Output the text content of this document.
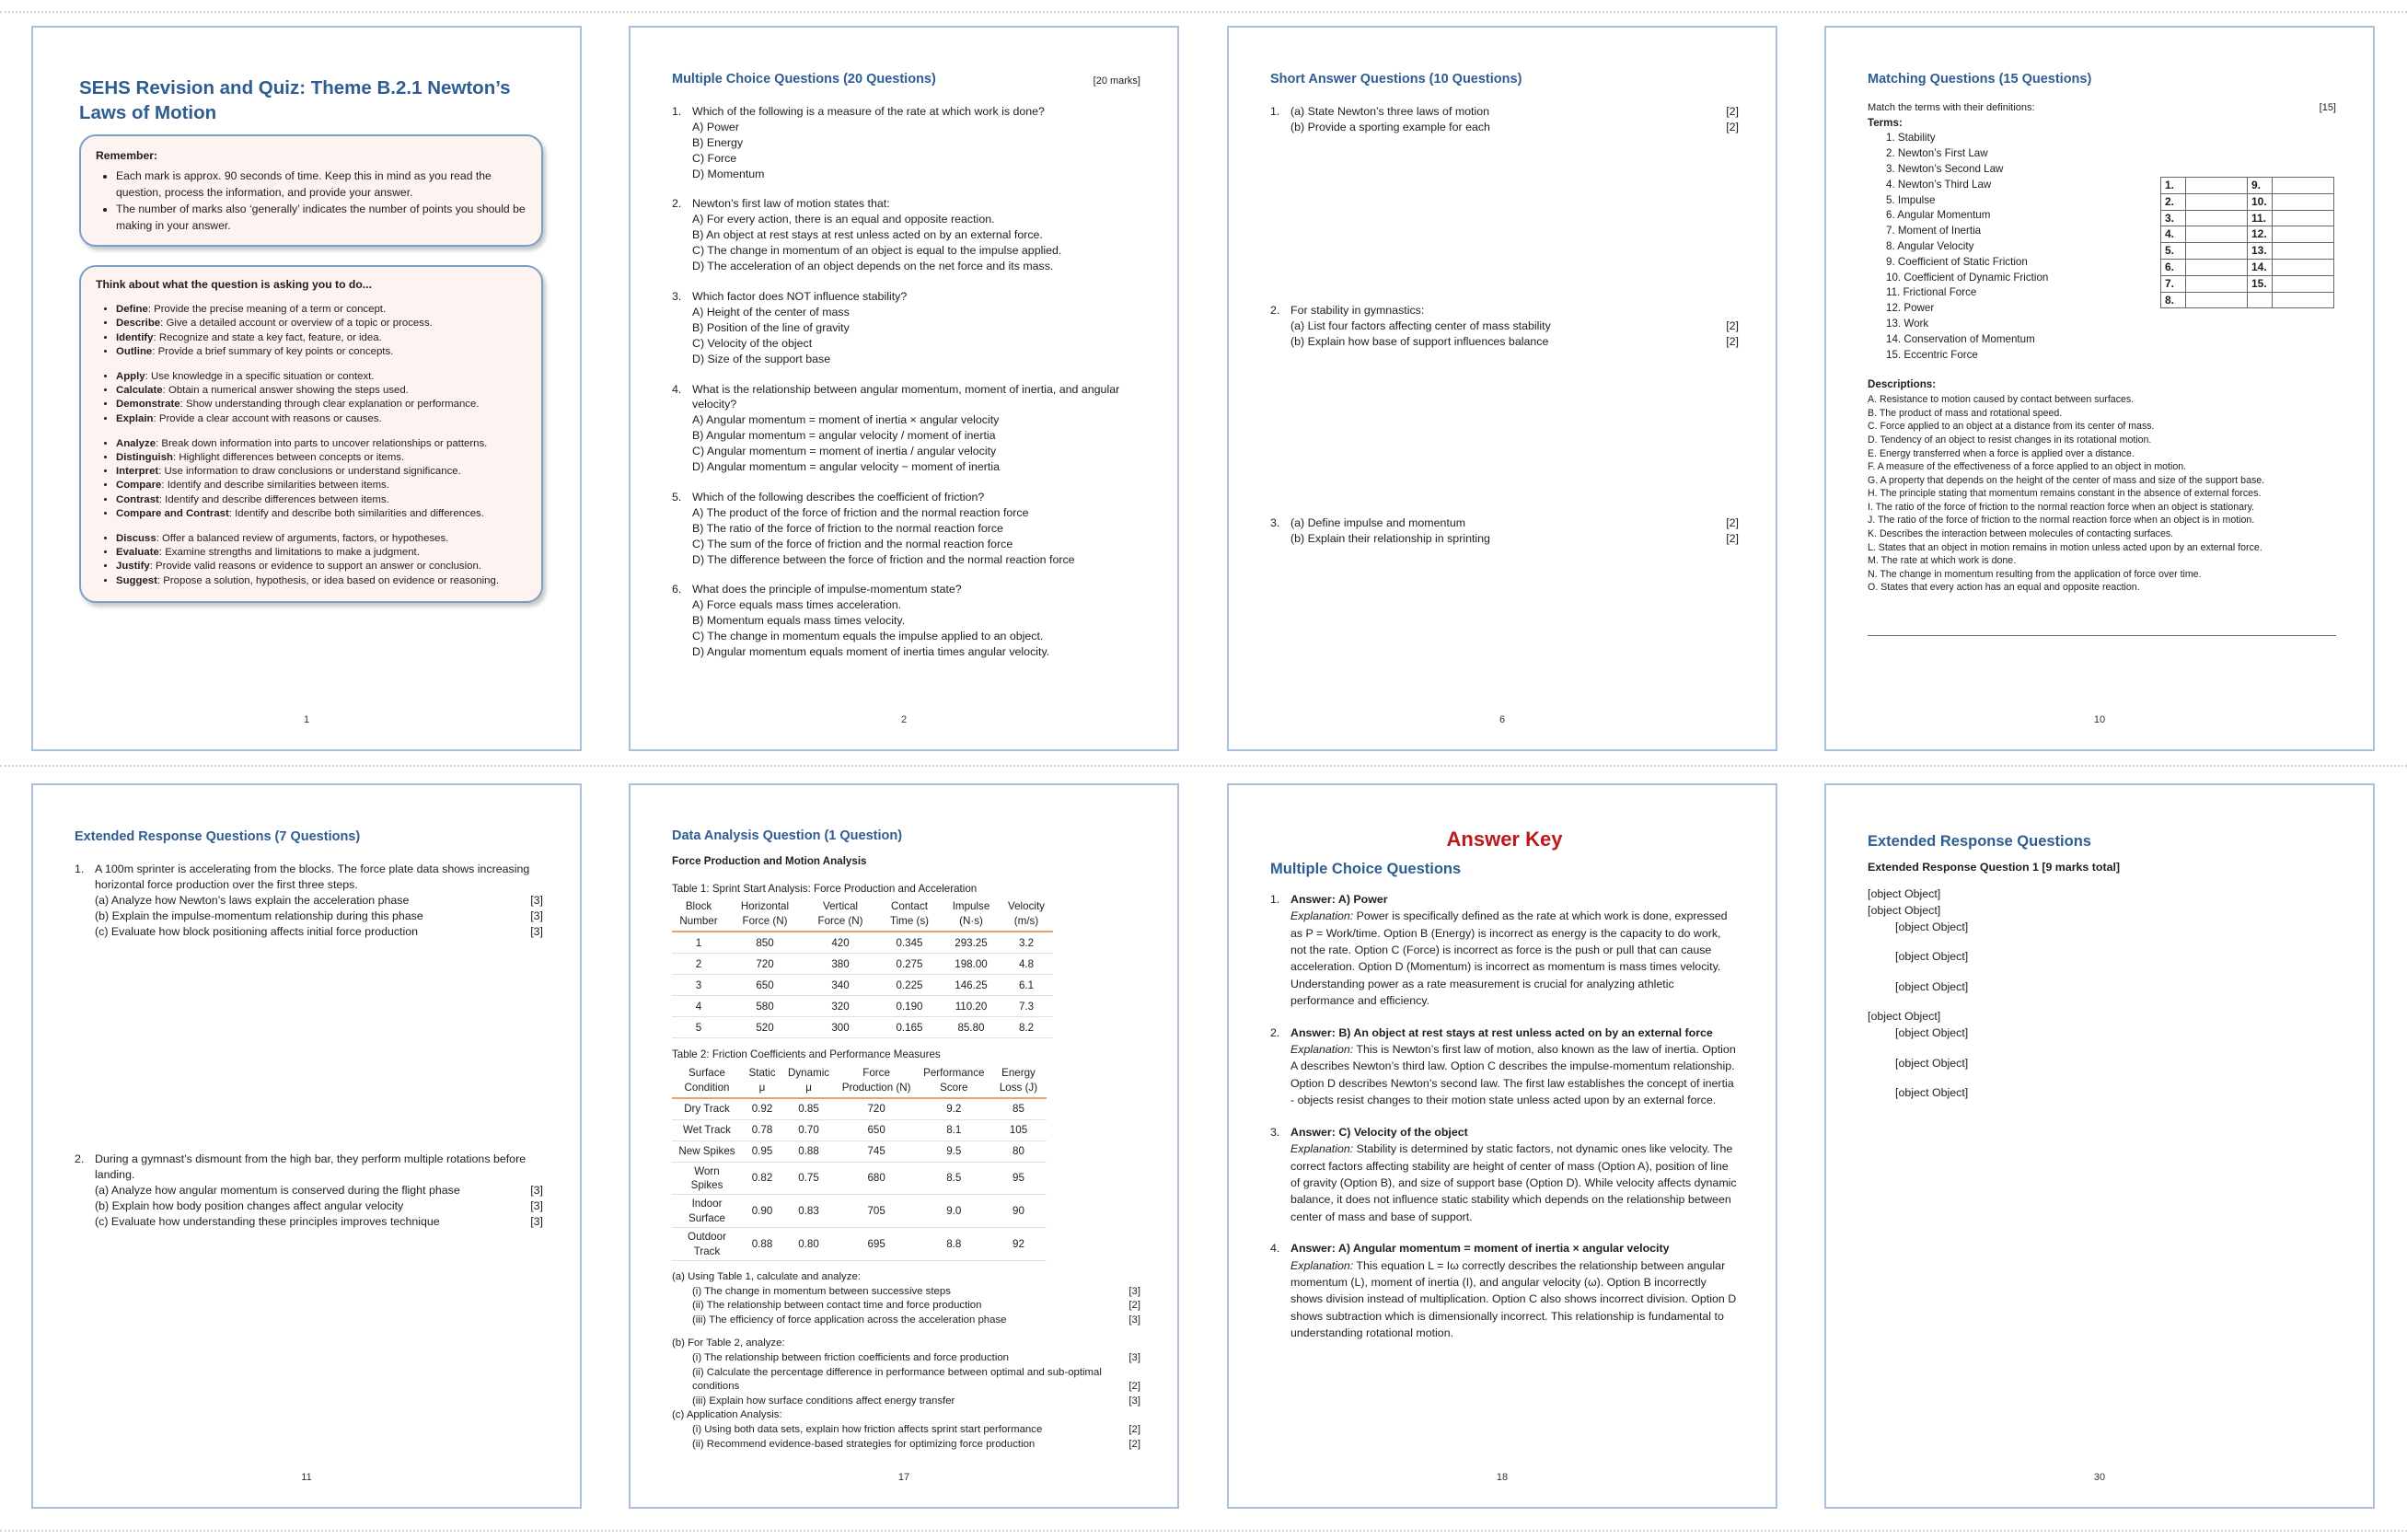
SEHS Revision and Quiz: Theme B.2.1 Newton’s Laws of Motion
Remember:
• Each mark is approx. 90 seconds of time. Keep this in mind as you read the question, process the information, and provide your answer.
• The number of marks also ‘generally’ indicates the number of points you should be making in your answer.
Think about what the question is asking you to do...
• Define: Provide the precise meaning of a term or concept.
• Describe: Give a detailed account or overview of a topic or process.
• Identify: Recognize and state a key fact, feature, or idea.
• Outline: Provide a brief summary of key points or concepts.
• Apply: Use knowledge in a specific situation or context.
• Calculate: Obtain a numerical answer showing the steps used.
• Demonstrate: Show understanding through clear explanation or performance.
• Explain: Provide a clear account with reasons or causes.
• Analyze: Break down information into parts to uncover relationships or patterns.
• Distinguish: Highlight differences between concepts or items.
• Interpret: Use information to draw conclusions or understand significance.
• Compare: Identify and describe similarities between items.
• Contrast: Identify and describe differences between items.
• Compare and Contrast: Identify and describe both similarities and differences.
• Discuss: Offer a balanced review of arguments, factors, or hypotheses.
• Evaluate: Examine strengths and limitations to make a judgment.
• Justify: Provide valid reasons or evidence to support an answer or conclusion.
• Suggest: Propose a solution, hypothesis, or idea based on evidence or reasoning.
1
Multiple Choice Questions (20 Questions)	[20 marks]
1. Which of the following is a measure of the rate at which work is done?
A) Power
B) Energy
C) Force
D) Momentum
2. Newton’s first law of motion states that:
A) For every action, there is an equal and opposite reaction.
B) An object at rest stays at rest unless acted on by an external force.
C) The change in momentum of an object is equal to the impulse applied.
D) The acceleration of an object depends on the net force and its mass.
3. Which factor does NOT influence stability?
A) Height of the center of mass
B) Position of the line of gravity
C) Velocity of the object
D) Size of the support base
4. What is the relationship between angular momentum, moment of inertia, and angular velocity?
A) Angular momentum = moment of inertia × angular velocity
B) Angular momentum = angular velocity / moment of inertia
C) Angular momentum = moment of inertia / angular velocity
D) Angular momentum = angular velocity − moment of inertia
5. Which of the following describes the coefficient of friction?
A) The product of the force of friction and the normal reaction force
B) The ratio of the force of friction to the normal reaction force
C) The sum of the force of friction and the normal reaction force
D) The difference between the force of friction and the normal reaction force
6. What does the principle of impulse-momentum state?
A) Force equals mass times acceleration.
B) Momentum equals mass times velocity.
C) The change in momentum equals the impulse applied to an object.
D) Angular momentum equals moment of inertia times angular velocity.
2
Short Answer Questions (10 Questions)
1. (a) State Newton’s three laws of motion	[2]
(b) Provide a sporting example for each	[2]
2. For stability in gymnastics:
(a) List four factors affecting center of mass stability	[2]
(b) Explain how base of support influences balance	[2]
3. (a) Define impulse and momentum	[2]
(b) Explain their relationship in sprinting	[2]
6
Matching Questions (15 Questions)
Match the terms with their definitions:	[15]
Terms:
1. Stability
2. Newton’s First Law
3. Newton’s Second Law
4. Newton’s Third Law
5. Impulse
6. Angular Momentum
7. Moment of Inertia
8. Angular Velocity
9. Coefficient of Static Friction
10. Coefficient of Dynamic Friction
11. Frictional Force
12. Power
13. Work
14. Conservation of Momentum
15. Eccentric Force
1.		9.	
2.		10.	
3.		11.	
4.		12.	
5.		13.	
6.		14.	
7.		15.	
8.			
Descriptions:
A. Resistance to motion caused by contact between surfaces.
B. The product of mass and rotational speed.
C. Force applied to an object at a distance from its center of mass.
D. Tendency of an object to resist changes in its rotational motion.
E. Energy transferred when a force is applied over a distance.
F. A measure of the effectiveness of a force applied to an object in motion.
G. A property that depends on the height of the center of mass and size of the support base.
H. The principle stating that momentum remains constant in the absence of external forces.
I. The ratio of the force of friction to the normal reaction force when an object is stationary.
J. The ratio of the force of friction to the normal reaction force when an object is in motion.
K. Describes the interaction between molecules of contacting surfaces.
L. States that an object in motion remains in motion unless acted upon by an external force.
M. The rate at which work is done.
N. The change in momentum resulting from the application of force over time.
O. States that every action has an equal and opposite reaction.
10
Extended Response Questions (7 Questions)
1. A 100m sprinter is accelerating from the blocks. The force plate data shows increasing horizontal force production over the first three steps.
(a) Analyze how Newton’s laws explain the acceleration phase	[3]
(b) Explain the impulse-momentum relationship during this phase	[3]
(c) Evaluate how block positioning affects initial force production	[3]
2. During a gymnast’s dismount from the high bar, they perform multiple rotations before landing.
(a) Analyze how angular momentum is conserved during the flight phase	[3]
(b) Explain how body position changes affect angular velocity	[3]
(c) Evaluate how understanding these principles improves technique	[3]
11
Data Analysis Question (1 Question)
Force Production and Motion Analysis
Table 1: Sprint Start Analysis: Force Production and Acceleration
Block Number	Horizontal Force (N)	Vertical Force (N)	Contact Time (s)	Impulse (N·s)	Velocity (m/s)
1	850	420	0.345	293.25	3.2
2	720	380	0.275	198.00	4.8
3	650	340	0.225	146.25	6.1
4	580	320	0.190	110.20	7.3
5	520	300	0.165	85.80	8.2
Table 2: Friction Coefficients and Performance Measures
Surface Condition	Static μ	Dynamic μ	Force Production (N)	Performance Score	Energy Loss (J)
Dry Track	0.92	0.85	720	9.2	85
Wet Track	0.78	0.70	650	8.1	105
New Spikes	0.95	0.88	745	9.5	80
Worn Spikes	0.82	0.75	680	8.5	95
Indoor Surface	0.90	0.83	705	9.0	90
Outdoor Track	0.88	0.80	695	8.8	92
(a) Using Table 1, calculate and analyze:
(i) The change in momentum between successive steps	[3]
(ii) The relationship between contact time and force production	[2]
(iii) The efficiency of force application across the acceleration phase	[3]
(b) For Table 2, analyze:
(i) The relationship between friction coefficients and force production	[3]
(ii) Calculate the percentage difference in performance between optimal and sub-optimal
conditions	[2]
(iii) Explain how surface conditions affect energy transfer	[3]
(c) Application Analysis:
(i) Using both data sets, explain how friction affects sprint start performance	[2]
(ii) Recommend evidence-based strategies for optimizing force production	[2]
17
Answer Key
Multiple Choice Questions
1. Answer: A) Power
Explanation: Power is specifically defined as the rate at which work is done, expressed as P = Work/time. Option B (Energy) is incorrect as energy is the capacity to do work, not the rate. Option C (Force) is incorrect as force is the push or pull that can cause acceleration. Option D (Momentum) is incorrect as momentum is mass times velocity. Understanding power as a rate measurement is crucial for analyzing athletic performance and efficiency.
2. Answer: B) An object at rest stays at rest unless acted on by an external force
Explanation: This is Newton’s first law of motion, also known as the law of inertia. Option A describes Newton’s third law. Option C describes the impulse-momentum relationship. Option D describes Newton’s second law. The first law establishes the concept of inertia - objects resist changes to their motion state unless acted upon by an external force.
3. Answer: C) Velocity of the object
Explanation: Stability is determined by static factors, not dynamic ones like velocity. The correct factors affecting stability are height of center of mass (Option A), position of line of gravity (Option B), and size of support base (Option D). While velocity affects dynamic balance, it does not influence static stability which depends on the relationship between center of mass and base of support.
4. Answer: A) Angular momentum = moment of inertia × angular velocity
Explanation: This equation L = Iω correctly describes the relationship between angular momentum (L), moment of inertia (I), and angular velocity (ω). Option B incorrectly shows division instead of multiplication. Option C also shows incorrect division. Option D shows subtraction which is dimensionally incorrect. This relationship is fundamental to understanding rotational motion.
18
Extended Response Questions
Extended Response Question 1 [9 marks total]
[object Object]
[object Object]
[object Object]
[object Object]
[object Object]
[object Object]
[object Object]
[object Object]
[object Object]
30
